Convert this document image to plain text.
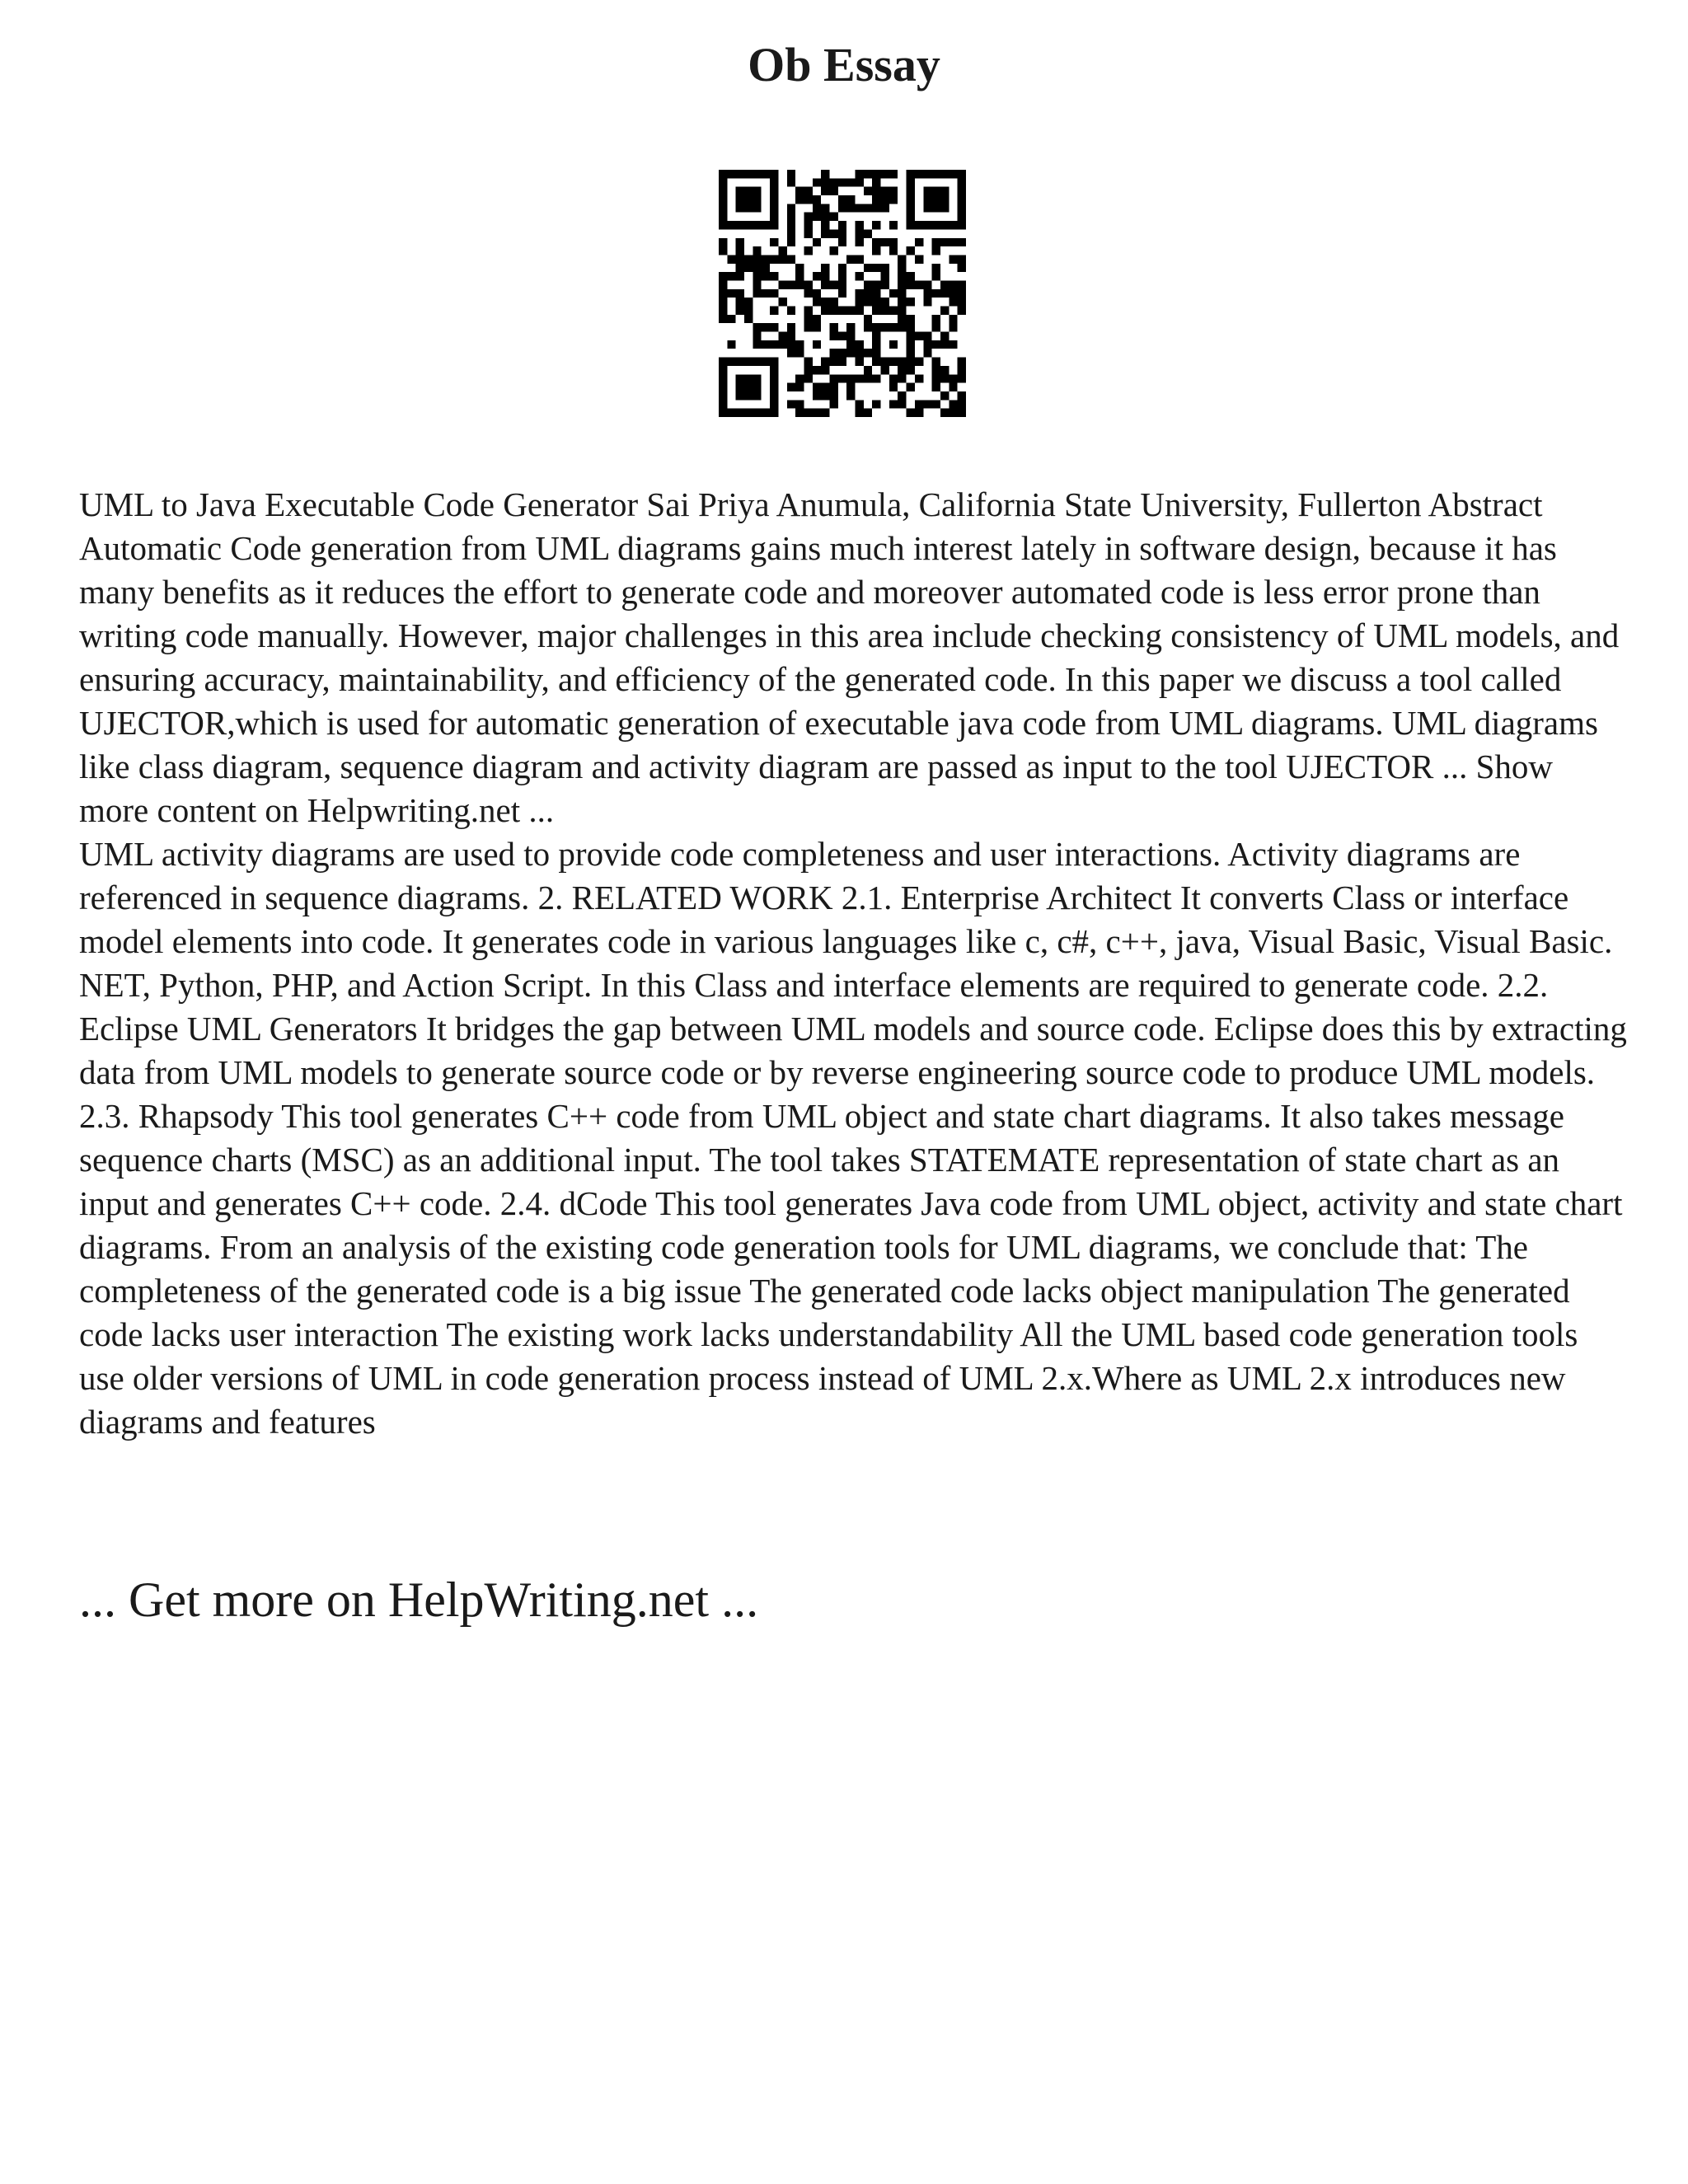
Ob Essay

UML to Java Executable Code Generator Sai Priya Anumula, California State University, Fullerton Abstract Automatic Code generation from UML diagrams gains much interest lately in software design, because it has many benefits as it reduces the effort to generate code and moreover automated code is less error prone than writing code manually. However, major challenges in this area include checking consistency of UML models, and ensuring accuracy, maintainability, and efficiency of the generated code. In this paper we discuss a tool called UJECTOR,which is used for automatic generation of executable java code from UML diagrams. UML diagrams like class diagram, sequence diagram and activity diagram are passed as input to the tool UJECTOR ... Show more content on Helpwriting.net ...

UML activity diagrams are used to provide code completeness and user interactions. Activity diagrams are referenced in sequence diagrams. 2. RELATED WORK 2.1. Enterprise Architect It converts Class or interface model elements into code. It generates code in various languages like c, c#, c++, java, Visual Basic, Visual Basic. NET, Python, PHP, and Action Script. In this Class and interface elements are required to generate code. 2.2. Eclipse UML Generators It bridges the gap between UML models and source code. Eclipse does this by extracting data from UML models to generate source code or by reverse engineering source code to produce UML models. 2.3. Rhapsody This tool generates C++ code from UML object and state chart diagrams. It also takes message sequence charts (MSC) as an additional input. The tool takes STATEMATE representation of state chart as an input and generates C++ code. 2.4. dCode This tool generates Java code from UML object, activity and state chart diagrams. From an analysis of the existing code generation tools for UML diagrams, we conclude that: The completeness of the generated code is a big issue The generated code lacks object manipulation The generated code lacks user interaction The existing work lacks understandability All the UML based code generation tools use older versions of UML in code generation process instead of UML 2.x.Where as UML 2.x introduces new diagrams and features

... Get more on HelpWriting.net ...
